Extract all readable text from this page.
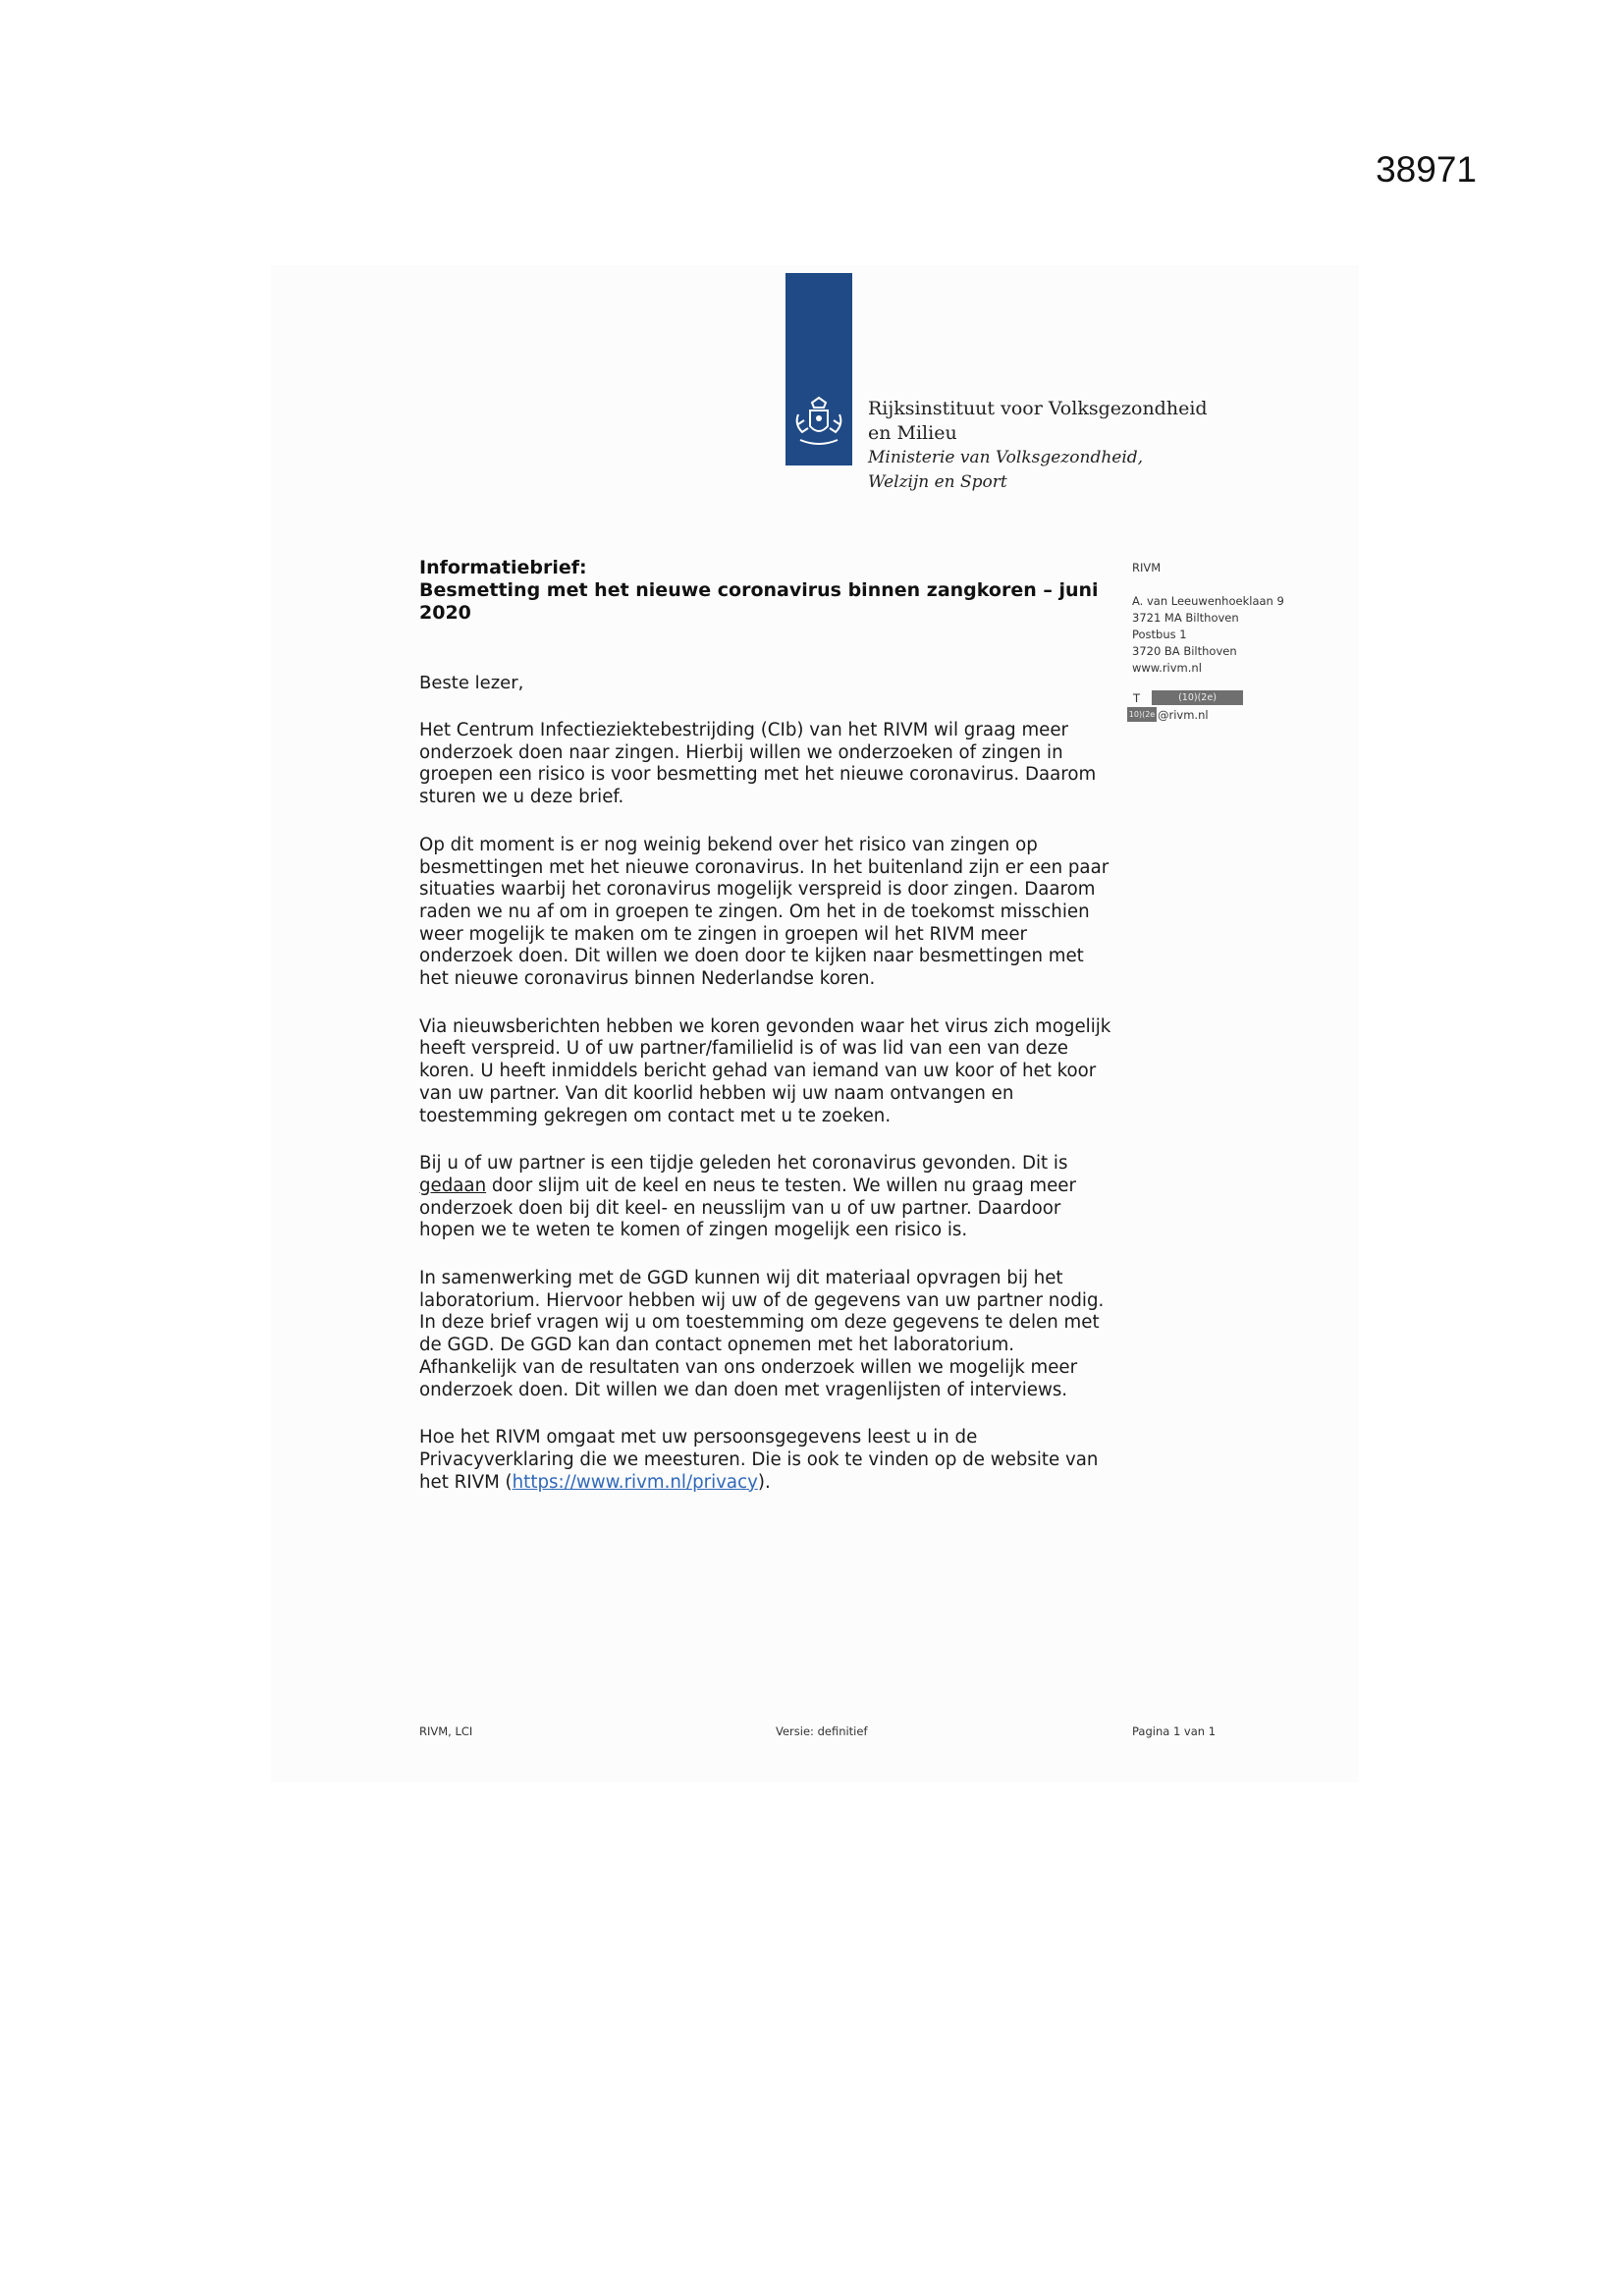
38971
Rijksinstituut voor Volksgezondheid
en Milieu
Ministerie van Volksgezondheid,
Welzijn en Sport
Informatiebrief:
Besmetting met het nieuwe coronavirus binnen zangkoren – juni
2020
Beste lezer,

Het Centrum Infectieziektebestrijding (CIb) van het RIVM wil graag meer onderzoek doen naar zingen. Hierbij willen we onderzoeken of zingen in groepen een risico is voor besmetting met het nieuwe coronavirus. Daarom sturen we u deze brief.

Op dit moment is er nog weinig bekend over het risico van zingen op besmettingen met het nieuwe coronavirus. In het buitenland zijn er een paar situaties waarbij het coronavirus mogelijk verspreid is door zingen. Daarom raden we nu af om in groepen te zingen. Om het in de toekomst misschien weer mogelijk te maken om te zingen in groepen wil het RIVM meer onderzoek doen. Dit willen we doen door te kijken naar besmettingen met het nieuwe coronavirus binnen Nederlandse koren.

Via nieuwsberichten hebben we koren gevonden waar het virus zich mogelijk heeft verspreid. U of uw partner/familielid is of was lid van een van deze koren. U heeft inmiddels bericht gehad van iemand van uw koor of het koor van uw partner. Van dit koorlid hebben wij uw naam ontvangen en toestemming gekregen om contact met u te zoeken.

Bij u of uw partner is een tijdje geleden het coronavirus gevonden. Dit is gedaan door slijm uit de keel en neus te testen. We willen nu graag meer onderzoek doen bij dit keel- en neusslijm van u of uw partner. Daardoor hopen we te weten te komen of zingen mogelijk een risico is.

In samenwerking met de GGD kunnen wij dit materiaal opvragen bij het laboratorium. Hiervoor hebben wij uw of de gegevens van uw partner nodig. In deze brief vragen wij u om toestemming om deze gegevens te delen met de GGD. De GGD kan dan contact opnemen met het laboratorium. Afhankelijk van de resultaten van ons onderzoek willen we mogelijk meer onderzoek doen. Dit willen we dan doen met vragenlijsten of interviews.

Hoe het RIVM omgaat met uw persoonsgegevens leest u in de Privacyverklaring die we meesturen. Die is ook te vinden op de website van het RIVM (https://www.rivm.nl/privacy).

RIVM
A. van Leeuwenhoeklaan 9
3721 MA Bilthoven
Postbus 1
3720 BA Bilthoven
www.rivm.nl
T	(10)(2e)
10)(2e @rivm.nl
RIVM, LCI	Versie: definitief	Pagina 1 van 1
